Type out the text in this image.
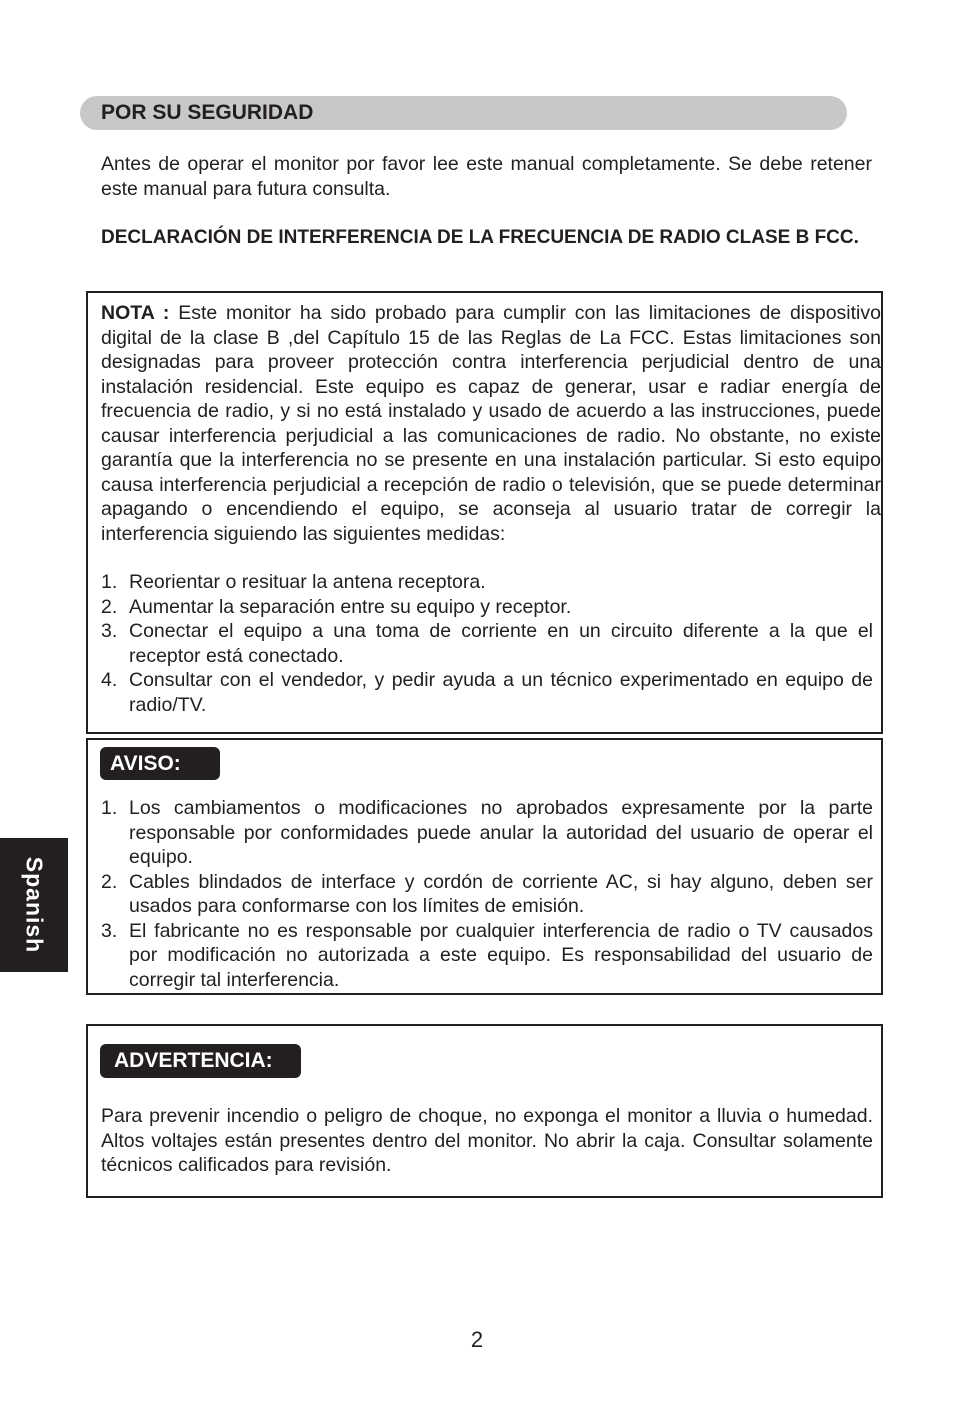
POR SU SEGURIDAD

Antes de operar el monitor por favor lee este manual completamente. Se debe retener este manual para futura consulta.

DECLARACIÓN DE INTERFERENCIA DE LA FRECUENCIA DE RADIO CLASE B FCC.

NOTA : Este monitor ha sido probado para cumplir con las limitaciones de dispositivo digital de la clase B ,del Capítulo 15 de las Reglas de La FCC. Estas limitaciones son designadas para proveer protección contra interferencia perjudicial dentro de una instalación residencial. Este equipo es capaz de generar, usar e radiar energía de frecuencia de radio, y si no está instalado y usado de acuerdo a las instrucciones, puede causar interferencia perjudicial a las comunicaciones de radio. No obstante, no existe garantía que la interferencia no se presente en una instalación particular. Si esto equipo causa interferencia perjudicial a recepción de radio o televisión, que se puede determinar apagando o encendiendo el equipo, se aconseja al usuario tratar de corregir la interferencia siguiendo las siguientes medidas:

1. Reorientar o resituar la antena receptora.
2. Aumentar la separación entre su equipo y receptor.
3. Conectar el equipo a una toma de corriente en un circuito diferente a la que el receptor está conectado.
4. Consultar con el vendedor, y pedir ayuda a un técnico experimentado en equipo de radio/TV.
AVISO:
1. Los cambiamentos o modificaciones no aprobados expresamente por la parte responsable por conformidades puede anular la autoridad del usuario de operar el equipo.
2. Cables blindados de interface y cordón de corriente AC, si hay alguno, deben ser usados para conformarse con los límites de emisión.
3. El fabricante no es responsable por cualquier interferencia de radio o TV causados por modificación no autorizada a este equipo. Es responsabilidad del usuario de corregir tal interferencia.
ADVERTENCIA:

Para prevenir incendio o peligro de choque, no exponga el monitor a lluvia o humedad. Altos voltajes están presentes dentro del monitor. No abrir la caja. Consultar solamente técnicos calificados para revisión.

Spanish
2
